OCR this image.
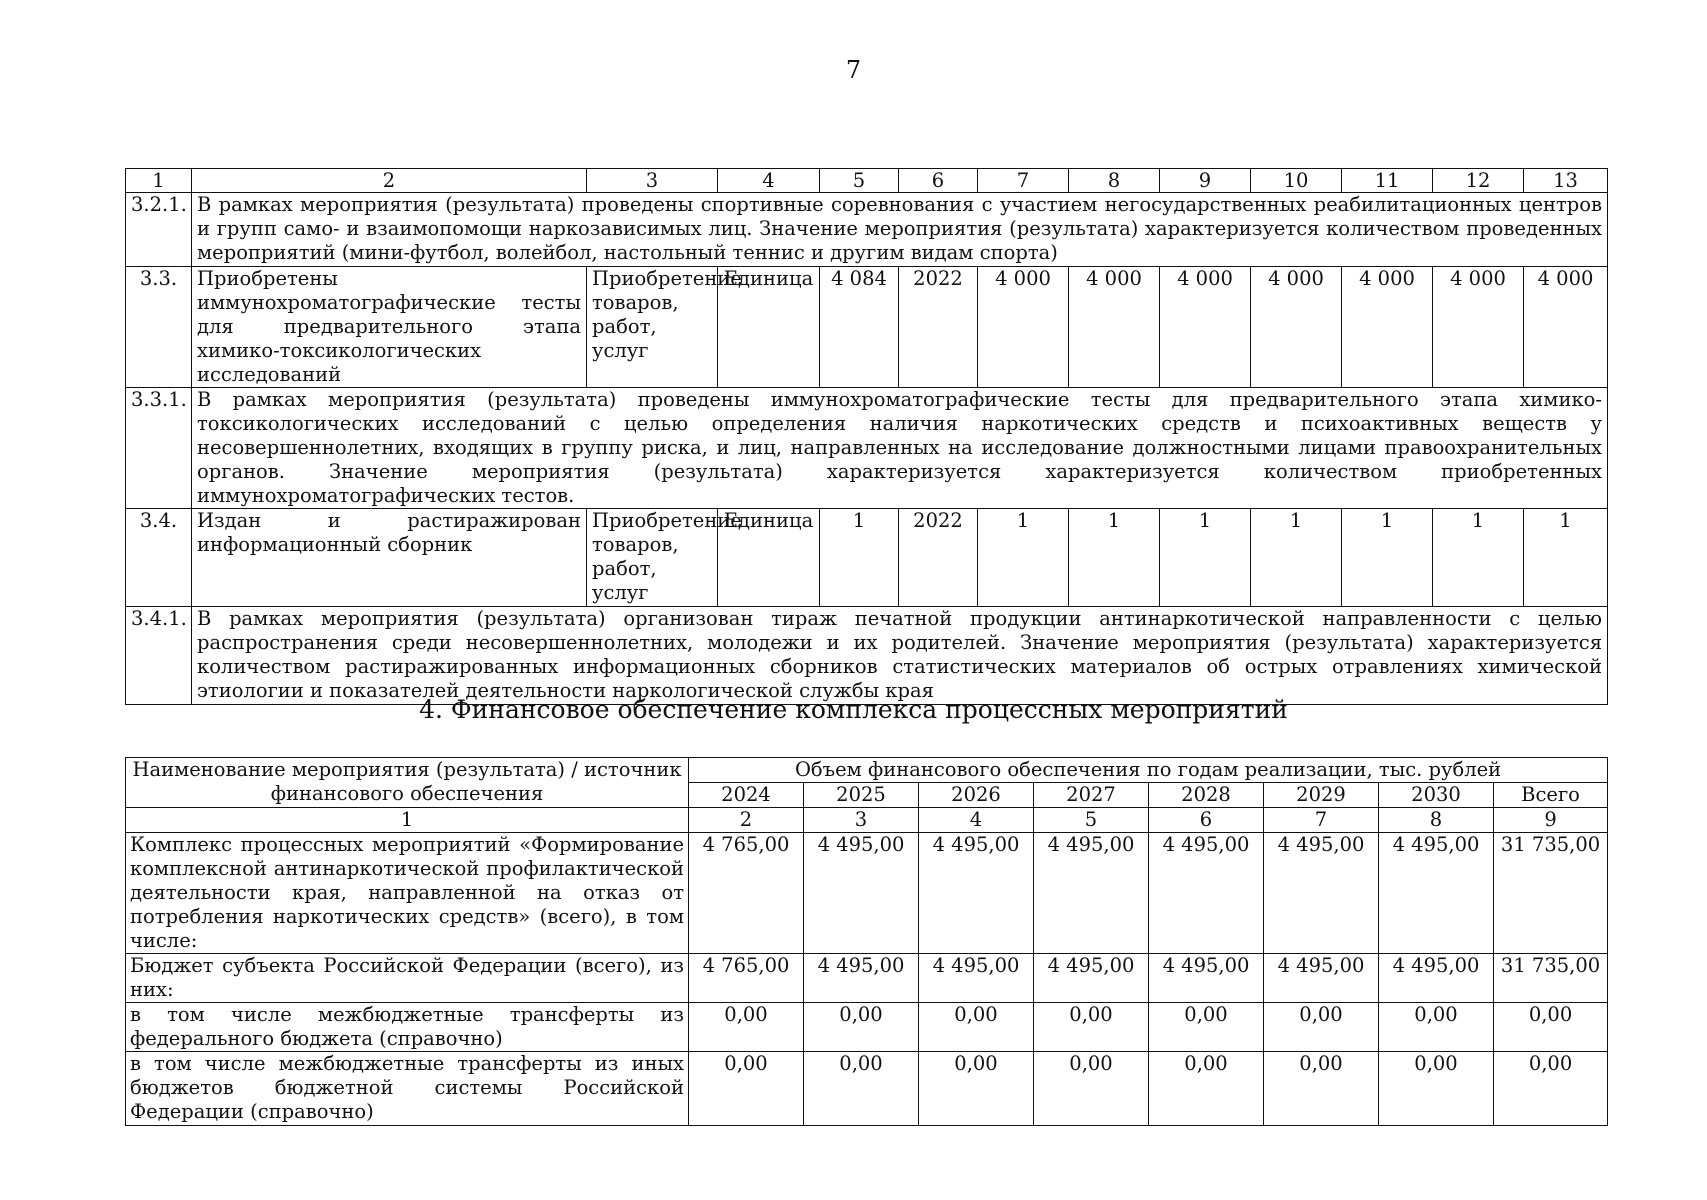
7
1	2	3	4	5	6	7	8	9	10	11	12	13
3.2.1.	В рамках мероприятия (результата) проведены спортивные соревнования с участием негосударственных реабилитационных центров и групп само- и взаимопомощи наркозависимых лиц. Значение мероприятия (результата) характеризуется количеством проведенных мероприятий (мини-футбол, волейбол, настольный теннис и другим видам спорта)											
3.3.	Приобретены иммунохроматографические тесты для предварительного этапа химико-токсикологических исследований	Приобретение товаров, работ, услуг	Единица	4 084	2022	4 000	4 000	4 000	4 000	4 000	4 000	4 000
3.3.1.	В рамках мероприятия (результата) проведены иммунохроматографические тесты для предварительного этапа химико-токсикологических исследований с целью определения наличия наркотических средств и психоактивных веществ у несовершеннолетних, входящих в группу риска, и лиц, направленных на исследование должностными лицами правоохранительных органов. Значение мероприятия (результата) характеризуется характеризуется количеством приобретенных иммунохроматографических тестов.											
3.4.	Издан и растиражирован информационный сборник	Приобретение товаров, работ, услуг	Единица	1	2022	1	1	1	1	1	1	1
3.4.1.	В рамках мероприятия (результата) организован тираж печатной продукции антинаркотической направленности с целью распространения среди несовершеннолетних, молодежи и их родителей. Значение мероприятия (результата) характеризуется количеством растиражированных информационных сборников статистических материалов об острых отравлениях химической этиологии и показателей деятельности наркологической службы края											
4. Финансовое обеспечение комплекса процессных мероприятий
Наименование мероприятия (результата) / источник финансового обеспечения	Объем финансового обеспечения по годам реализации, тыс. рублей							
	2024	2025	2026	2027	2028	2029	2030	Всего
1	2	3	4	5	6	7	8	9
Комплекс процессных мероприятий «Формирование комплексной антинаркотической профилактической деятельности края, направленной на отказ от потребления наркотических средств» (всего), в том числе:	4 765,00	4 495,00	4 495,00	4 495,00	4 495,00	4 495,00	4 495,00	31 735,00
Бюджет субъекта Российской Федерации (всего), из них:	4 765,00	4 495,00	4 495,00	4 495,00	4 495,00	4 495,00	4 495,00	31 735,00
в том числе межбюджетные трансферты из федерального бюджета (справочно)	0,00	0,00	0,00	0,00	0,00	0,00	0,00	0,00
в том числе межбюджетные трансферты из иных бюджетов бюджетной системы Российской Федерации (справочно)	0,00	0,00	0,00	0,00	0,00	0,00	0,00	0,00
